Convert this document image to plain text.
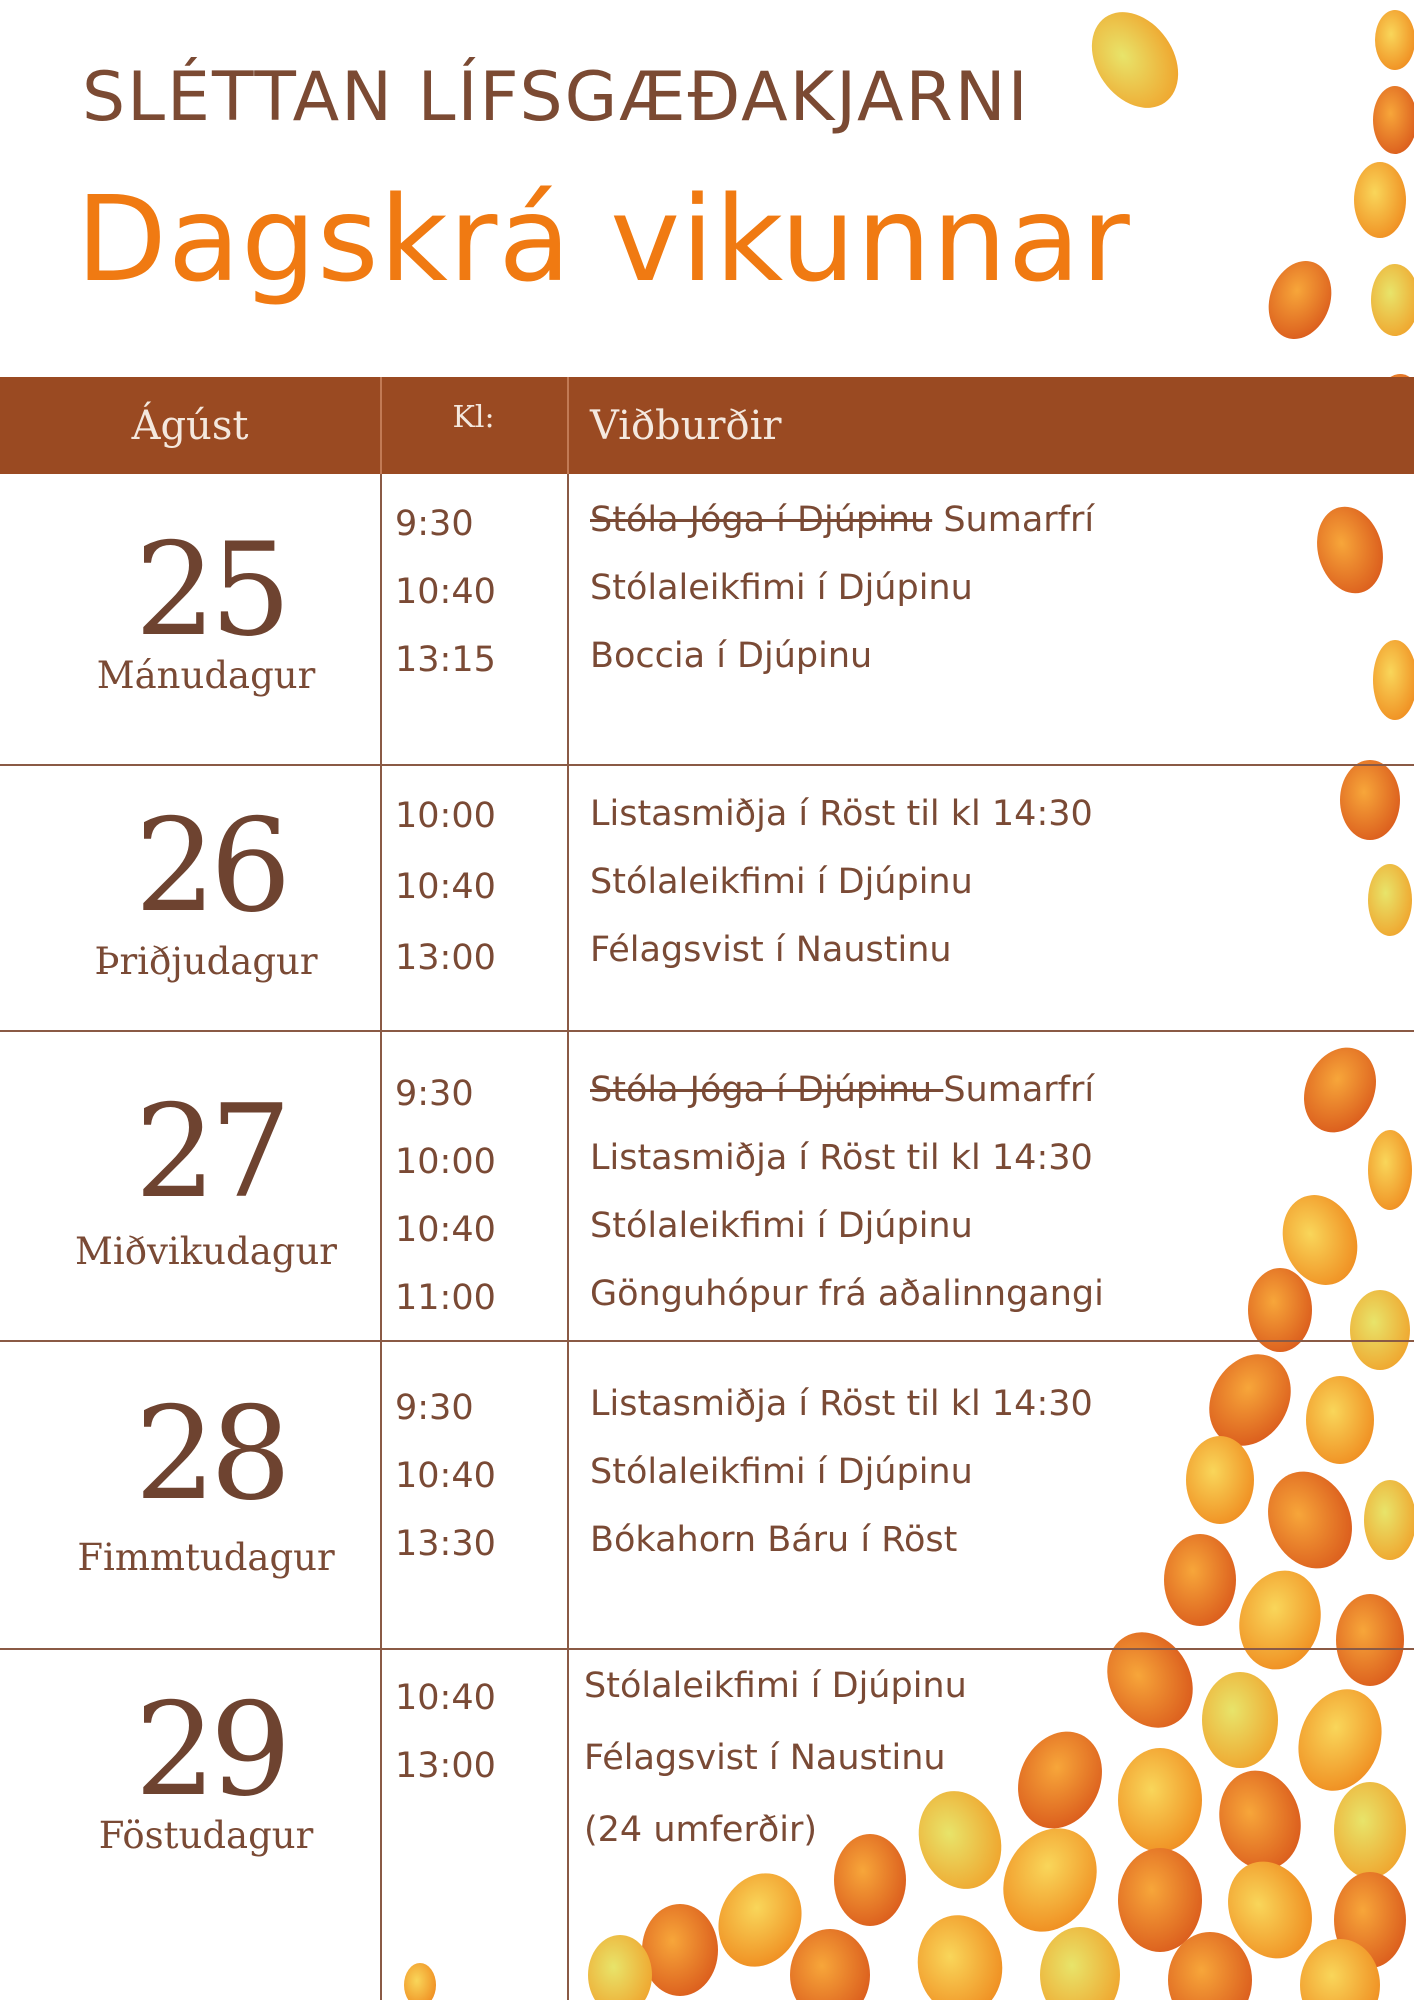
SLÉTTAN LÍFSGÆÐAKJARNI
Dagskrá vikunnar
Ágúst	Kl:	Viðburðir
25
Mánudagur
9:30
10:40
13:15
Stóla Jóga í Djúpinu Sumarfrí
Stólaleikfimi í Djúpinu
Boccia í Djúpinu
26
Þriðjudagur
10:00
10:40
13:00
Listasmiðja í Röst til kl 14:30
Stólaleikfimi í Djúpinu
Félagsvist í Naustinu
27
Miðvikudagur
9:30
10:00
10:40
11:00
Stóla Jóga í Djúpinu Sumarfrí
Listasmiðja í Röst til kl 14:30
Stólaleikfimi í Djúpinu
Gönguhópur frá aðalinngangi
28
Fimmtudagur
9:30
10:40
13:30
Listasmiðja í Röst til kl 14:30
Stólaleikfimi í Djúpinu
Bókahorn Báru í Röst
29
Föstudagur
10:40
13:00
Stólaleikfimi í Djúpinu
Félagsvist í Naustinu
(24 umferðir)
